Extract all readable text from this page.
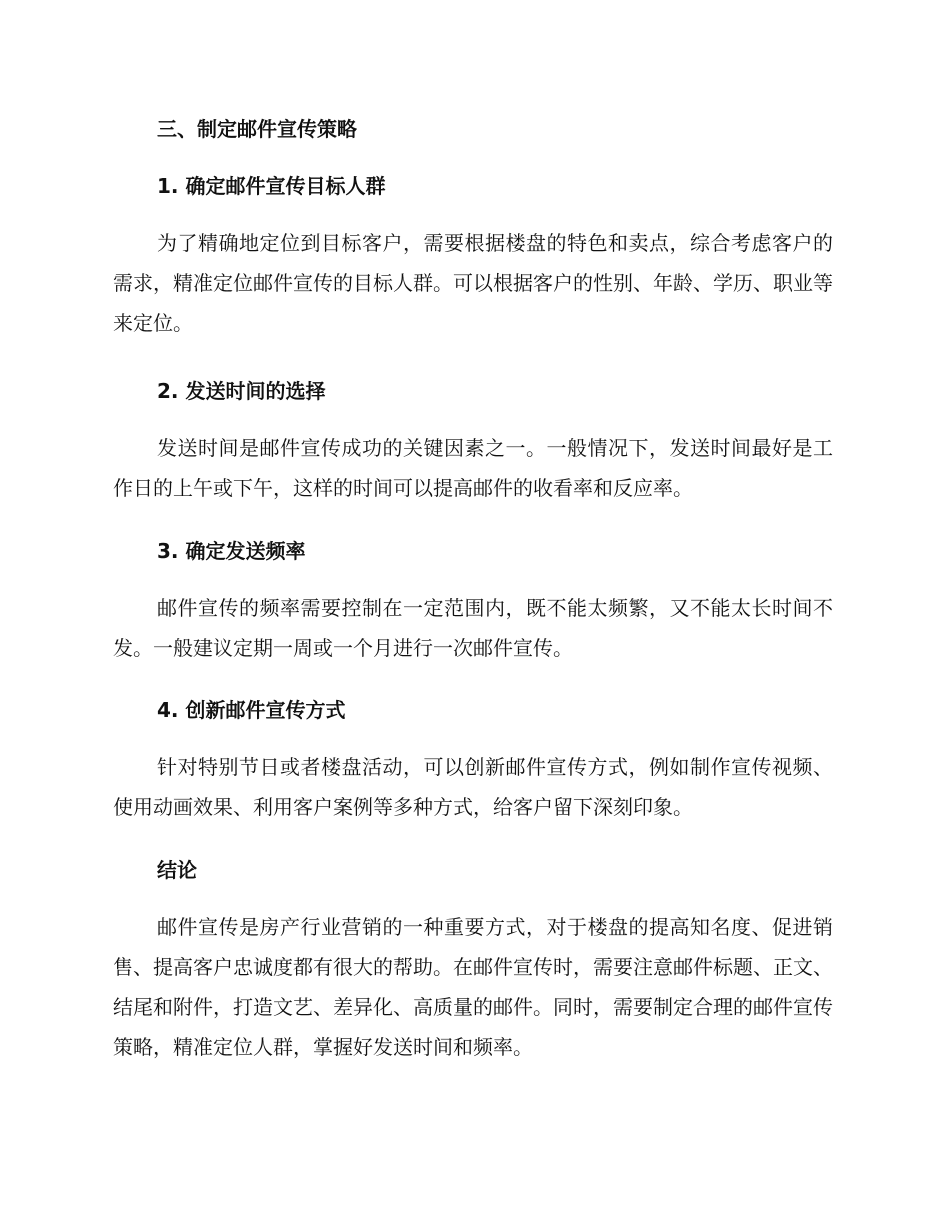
三、制定邮件宣传策略
1. 确定邮件宣传目标人群

为了精确地定位到目标客户，需要根据楼盘的特色和卖点，综合考虑客户的需求，精准定位邮件宣传的目标人群。可以根据客户的性别、年龄、学历、职业等来定位。

2. 发送时间的选择

发送时间是邮件宣传成功的关键因素之一。一般情况下，发送时间最好是工作日的上午或下午，这样的时间可以提高邮件的收看率和反应率。

3. 确定发送频率

邮件宣传的频率需要控制在一定范围内，既不能太频繁，又不能太长时间不发。一般建议定期一周或一个月进行一次邮件宣传。

4. 创新邮件宣传方式

针对特别节日或者楼盘活动，可以创新邮件宣传方式，例如制作宣传视频、使用动画效果、利用客户案例等多种方式，给客户留下深刻印象。

结论

邮件宣传是房产行业营销的一种重要方式，对于楼盘的提高知名度、促进销售、提高客户忠诚度都有很大的帮助。在邮件宣传时，需要注意邮件标题、正文、结尾和附件，打造文艺、差异化、高质量的邮件。同时，需要制定合理的邮件宣传策略，精准定位人群，掌握好发送时间和频率。
